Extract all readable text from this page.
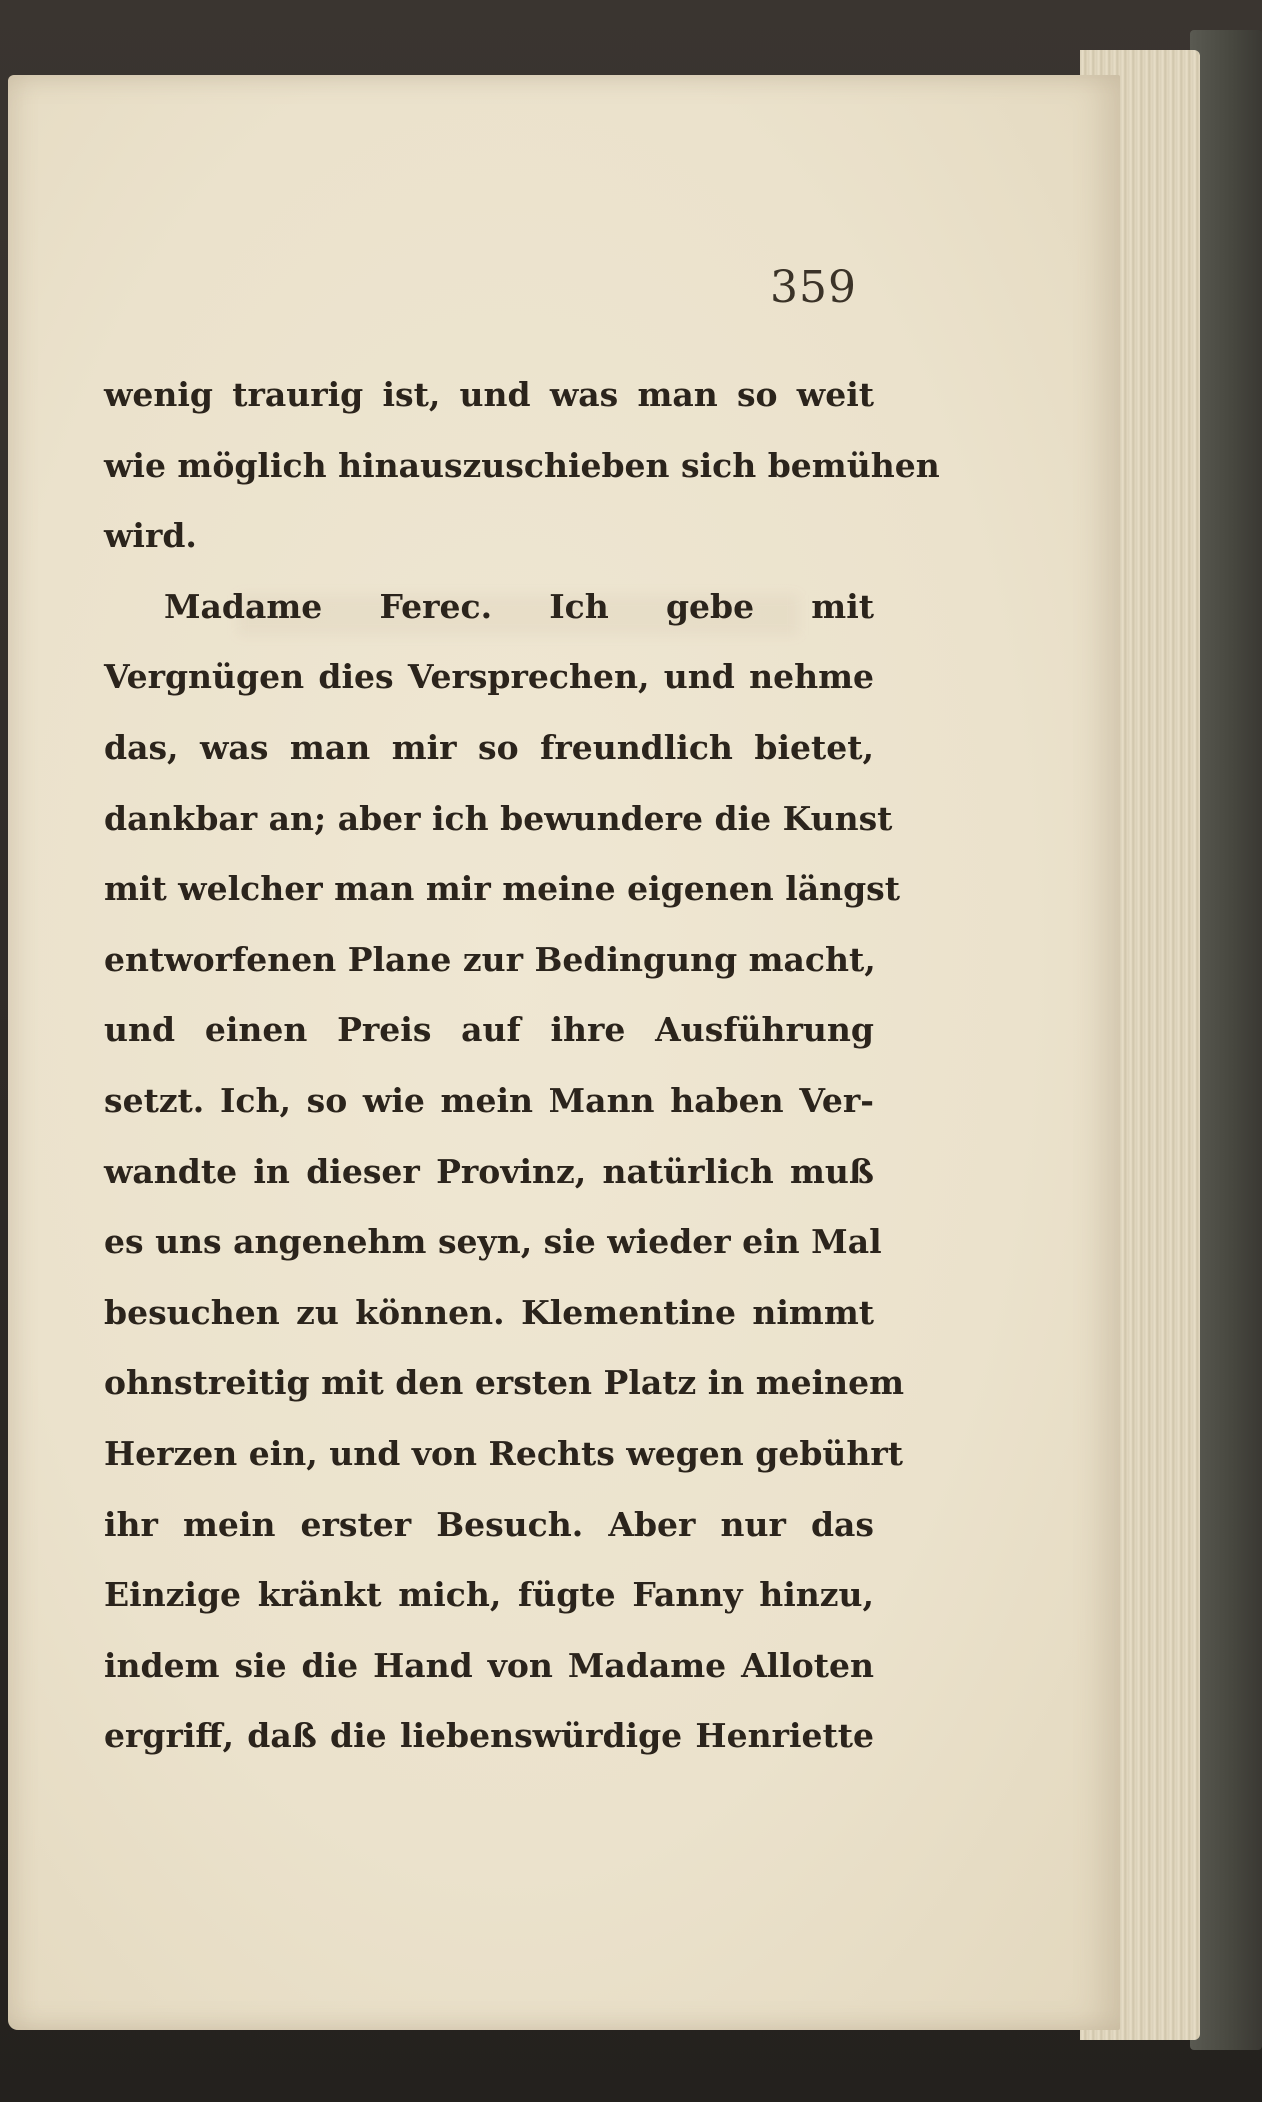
359
wenig traurig ist, und was man so weit
wie möglich hinauszuschieben sich bemühen
wird.
Madame Ferec. Ich gebe mit
Vergnügen dies Versprechen, und nehme
das, was man mir so freundlich bietet,
dankbar an; aber ich bewundere die Kunst
mit welcher man mir meine eigenen längst
entworfenen Plane zur Bedingung macht,
und einen Preis auf ihre Ausführung
setzt. Ich, so wie mein Mann haben Ver-
wandte in dieser Provinz, natürlich muß
es uns angenehm seyn, sie wieder ein Mal
besuchen zu können. Klementine nimmt
ohnstreitig mit den ersten Platz in meinem
Herzen ein, und von Rechts wegen gebührt
ihr mein erster Besuch. Aber nur das
Einzige kränkt mich, fügte Fanny hinzu,
indem sie die Hand von Madame Alloten
ergriff, daß die liebenswürdige Henriette
